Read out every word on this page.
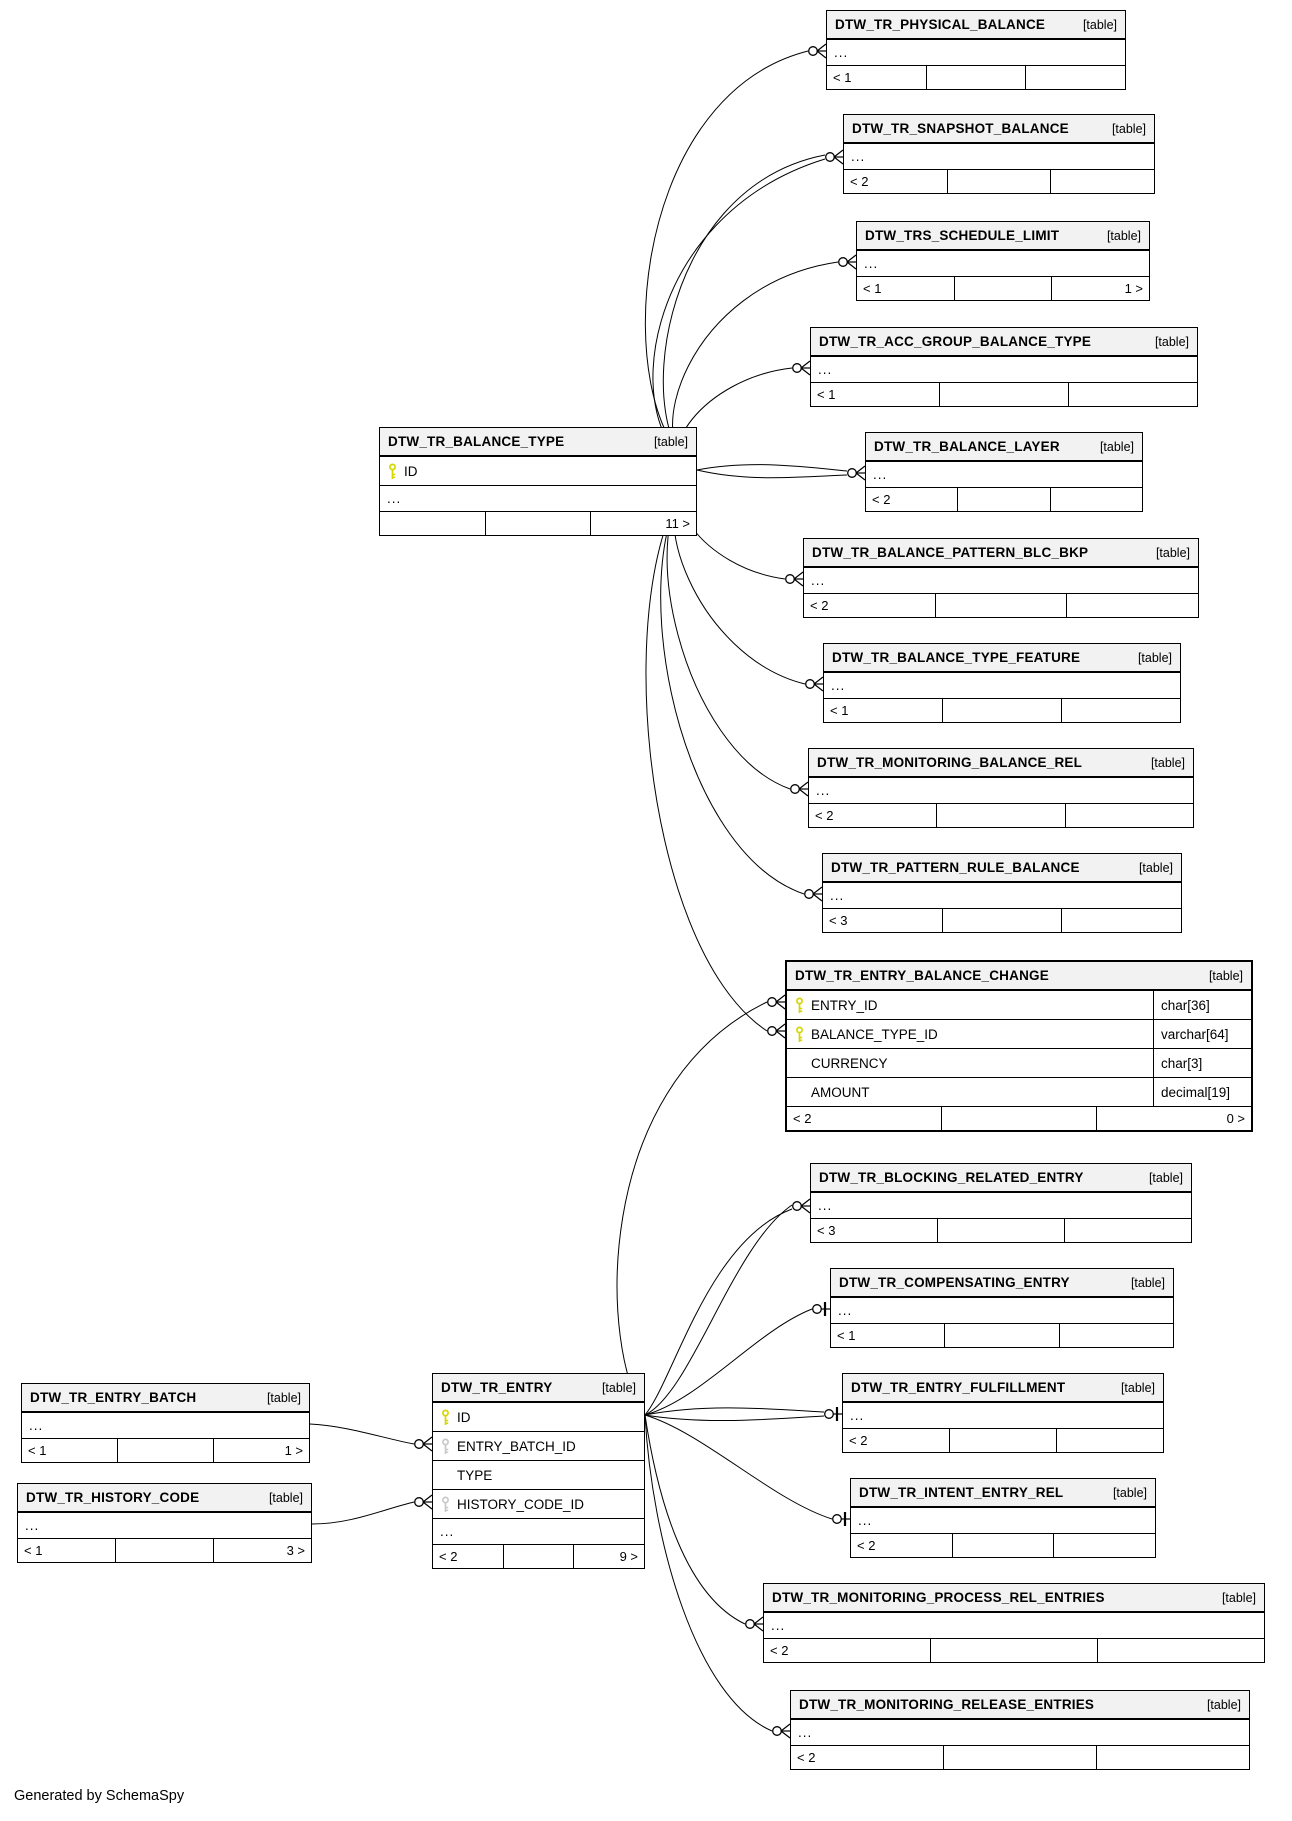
DTW_TR_PHYSICAL_BALANCE	[table]
...
< 1
DTW_TR_SNAPSHOT_BALANCE	[table]
...
< 2
DTW_TRS_SCHEDULE_LIMIT	[table]
...
< 1	1 >
DTW_TR_ACC_GROUP_BALANCE_TYPE	[table]
...
< 1
DTW_TR_BALANCE_LAYER	[table]
...
< 2
DTW_TR_BALANCE_PATTERN_BLC_BKP	[table]
...
< 2
DTW_TR_BALANCE_TYPE_FEATURE	[table]
...
< 1
DTW_TR_MONITORING_BALANCE_REL	[table]
...
< 2
DTW_TR_PATTERN_RULE_BALANCE	[table]
...
< 3
DTW_TR_ENTRY_BALANCE_CHANGE	[table]
ENTRY_ID	char[36]
BALANCE_TYPE_ID	varchar[64]
CURRENCY	char[3]
AMOUNT	decimal[19]
< 2	0 >
DTW_TR_BLOCKING_RELATED_ENTRY	[table]
...
< 3
DTW_TR_COMPENSATING_ENTRY	[table]
...
< 1
DTW_TR_ENTRY_FULFILLMENT	[table]
...
< 2
DTW_TR_INTENT_ENTRY_REL	[table]
...
< 2
DTW_TR_MONITORING_PROCESS_REL_ENTRIES	[table]
...
< 2
DTW_TR_MONITORING_RELEASE_ENTRIES	[table]
...
< 2
DTW_TR_BALANCE_TYPE	[table]
ID
...
11 >
DTW_TR_ENTRY_BATCH	[table]
...
< 1	1 >
DTW_TR_HISTORY_CODE	[table]
...
< 1	3 >
DTW_TR_ENTRY	[table]
ID
ENTRY_BATCH_ID
TYPE
HISTORY_CODE_ID
...
< 2	9 >
Generated by SchemaSpy
